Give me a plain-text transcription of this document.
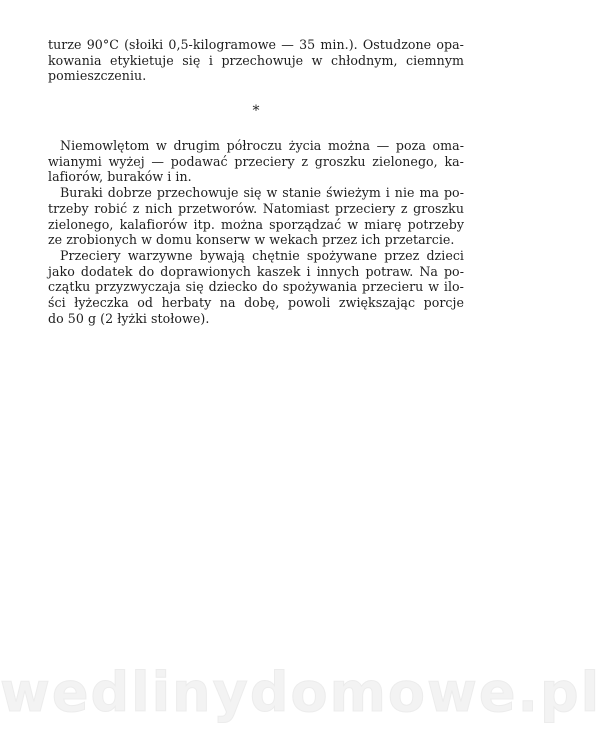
turze 90°C (słoiki 0,5-kilogramowe — 35 min.). Ostudzone opa-
kowania etykietuje się i przechowuje w chłodnym, ciemnym
pomieszczeniu.
*
Niemowlętom w drugim półroczu życia można — poza oma-
wianymi wyżej — podawać przeciery z groszku zielonego, ka-
lafiorów, buraków i in.
Buraki dobrze przechowuje się w stanie świeżym i nie ma po-
trzeby robić z nich przetworów. Natomiast przeciery z groszku
zielonego, kalafiorów itp. można sporządzać w miarę potrzeby
ze zrobionych w domu konserw w wekach przez ich przetarcie.
Przeciery warzywne bywają chętnie spożywane przez dzieci
jako dodatek do doprawionych kaszek i innych potraw. Na po-
czątku przyzwyczaja się dziecko do spożywania przecieru w ilo-
ści łyżeczka od herbaty na dobę, powoli zwiększając porcje
do 50 g (2 łyżki stołowe).
wedlinydomowe.pl
